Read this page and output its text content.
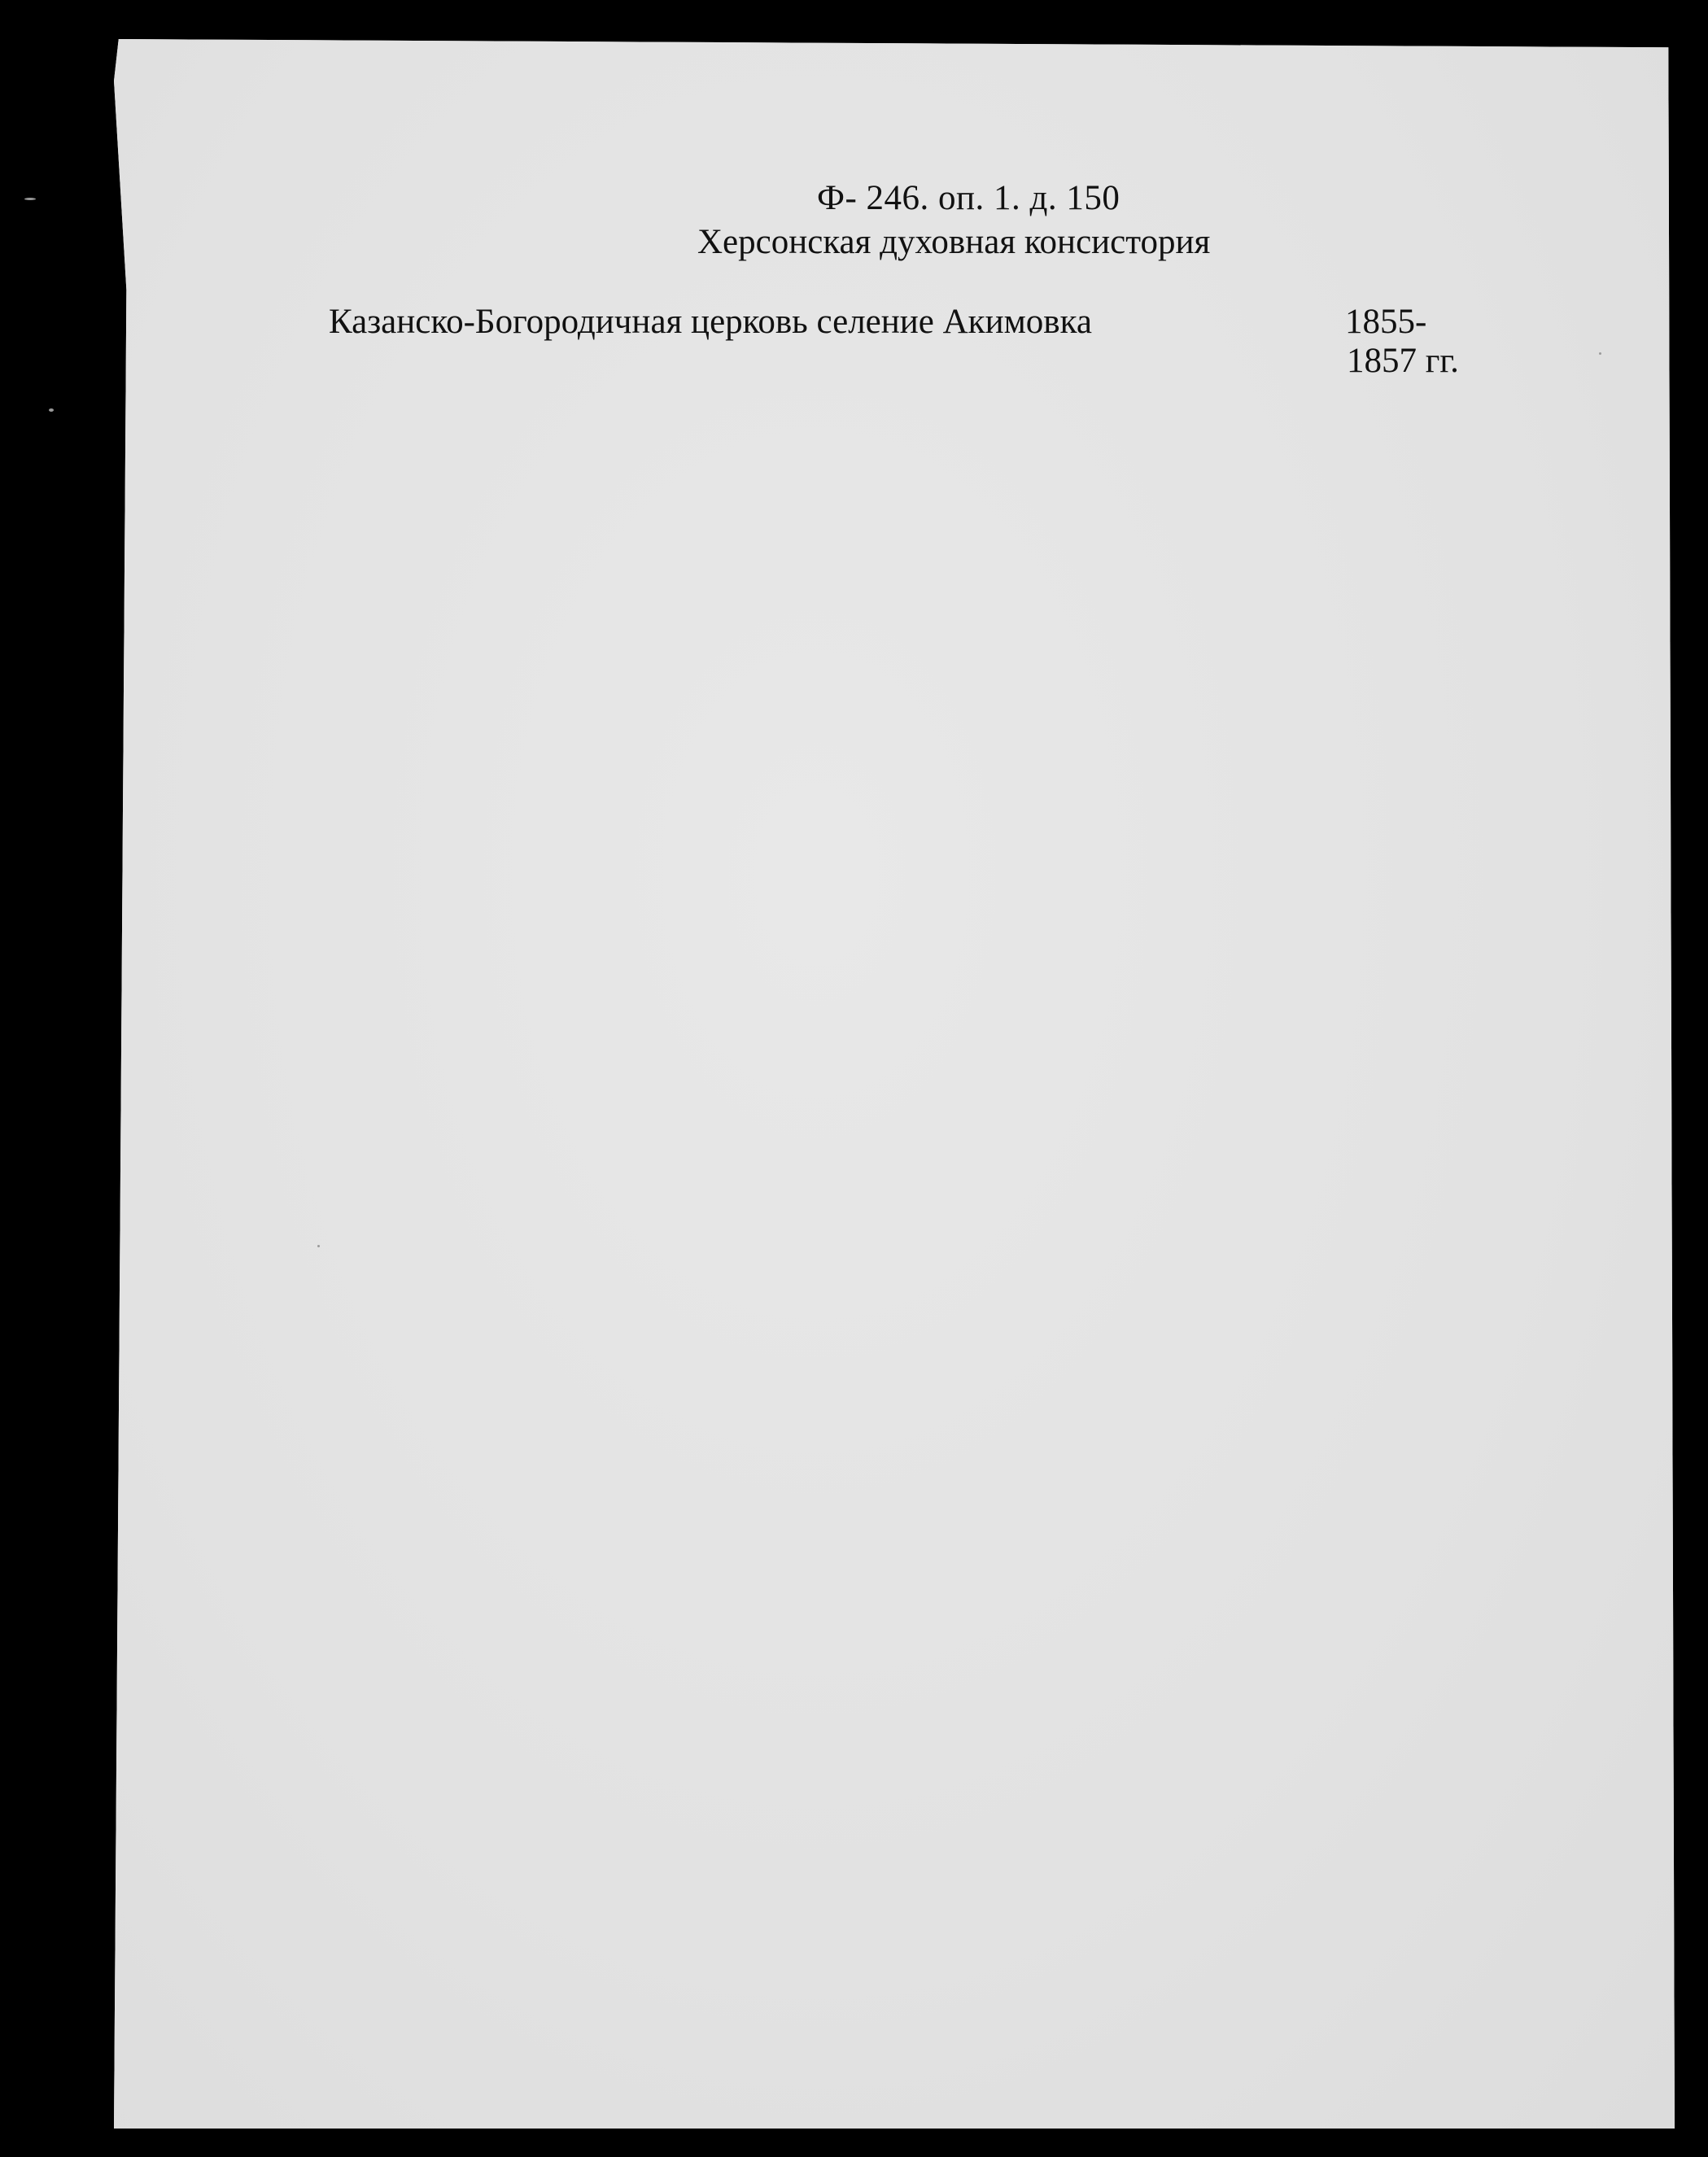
Ф- 246. оп. 1. д. 150
Херсонская духовная консистория
Казанско-Богородичная церковь селение Акимовка	1855-
1857 гг.
